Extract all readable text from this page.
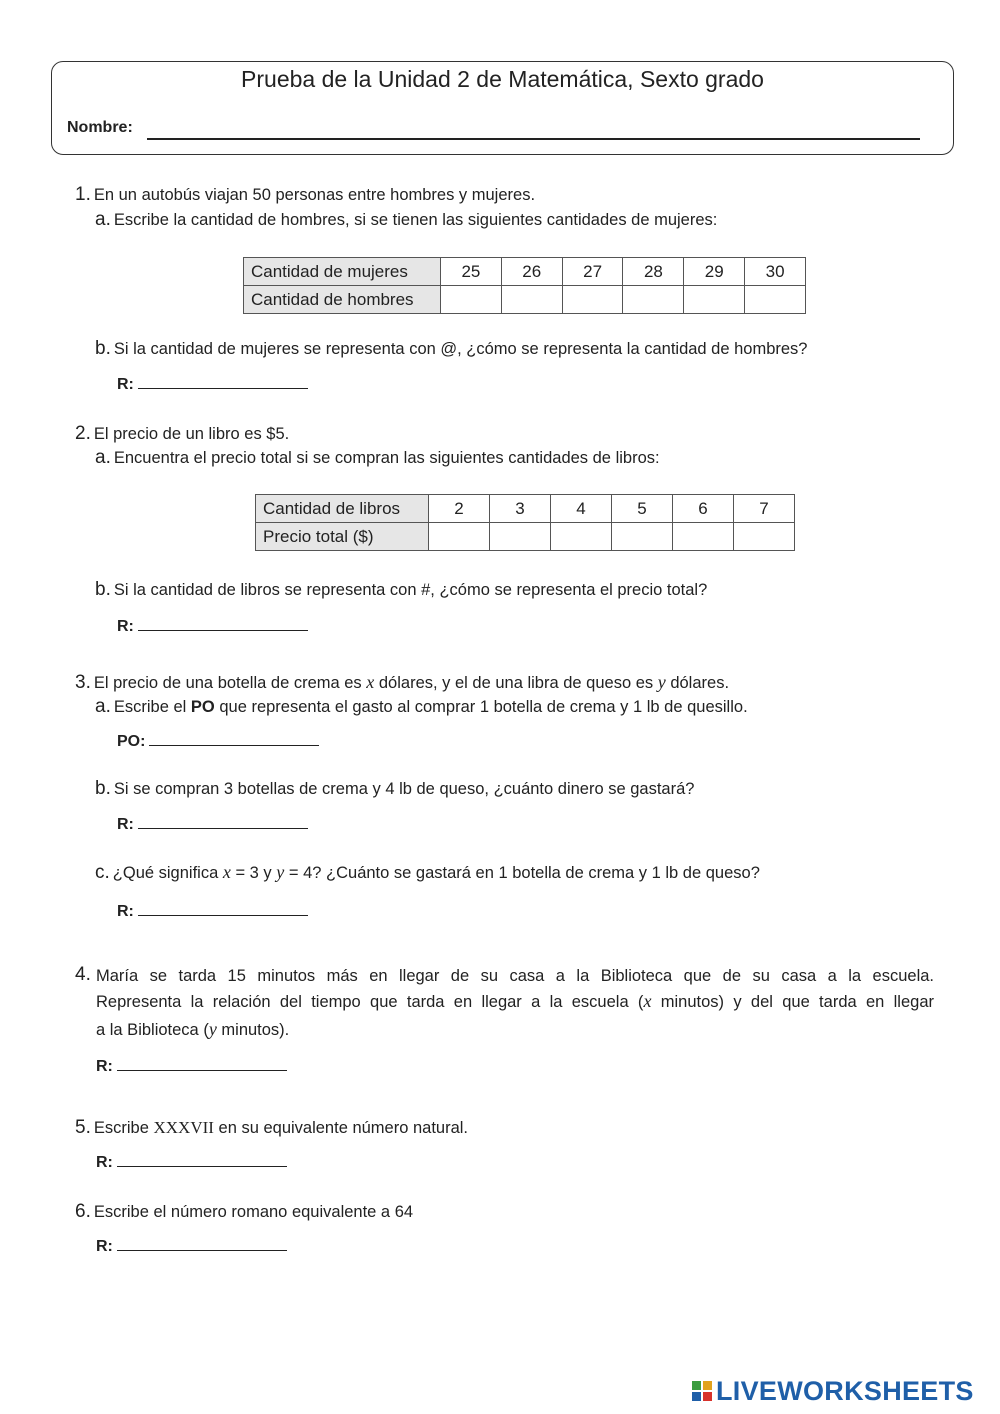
Prueba de la Unidad 2 de Matemática, Sexto grado
Nombre:
1. En un autobús viajan 50 personas entre hombres y mujeres.
a. Escribe la cantidad de hombres, si se tienen las siguientes cantidades de mujeres:
Cantidad de mujeres	25	26	27	28	29	30
Cantidad de hombres						
b. Si la cantidad de mujeres se representa con @, ¿cómo se representa la cantidad de hombres?
R:
2. El precio de un libro es $5.
a. Encuentra el precio total si se compran las siguientes cantidades de libros:
Cantidad de libros	2	3	4	5	6	7
Precio total ($)						
b. Si la cantidad de libros se representa con #, ¿cómo se representa el precio total?
R:
3. El precio de una botella de crema es x dólares, y el de una libra de queso es y dólares.
a. Escribe el PO que representa el gasto al comprar 1 botella de crema y 1 lb de quesillo.
PO:
b. Si se compran 3 botellas de crema y 4 lb de queso, ¿cuánto dinero se gastará?
R:
c. ¿Qué significa x = 3 y y = 4? ¿Cuánto se gastará en 1 botella de crema y 1 lb de queso?
R:
4. María se tarda 15 minutos más en llegar de su casa a la Biblioteca que de su casa a la escuela.
Representa la relación del tiempo que tarda en llegar a la escuela (x minutos) y del que tarda en llegar
a la Biblioteca (y minutos).
R:
5. Escribe XXXVII en su equivalente número natural.
R:
6. Escribe el número romano equivalente a 64
R:
LIVEWORKSHEETS
